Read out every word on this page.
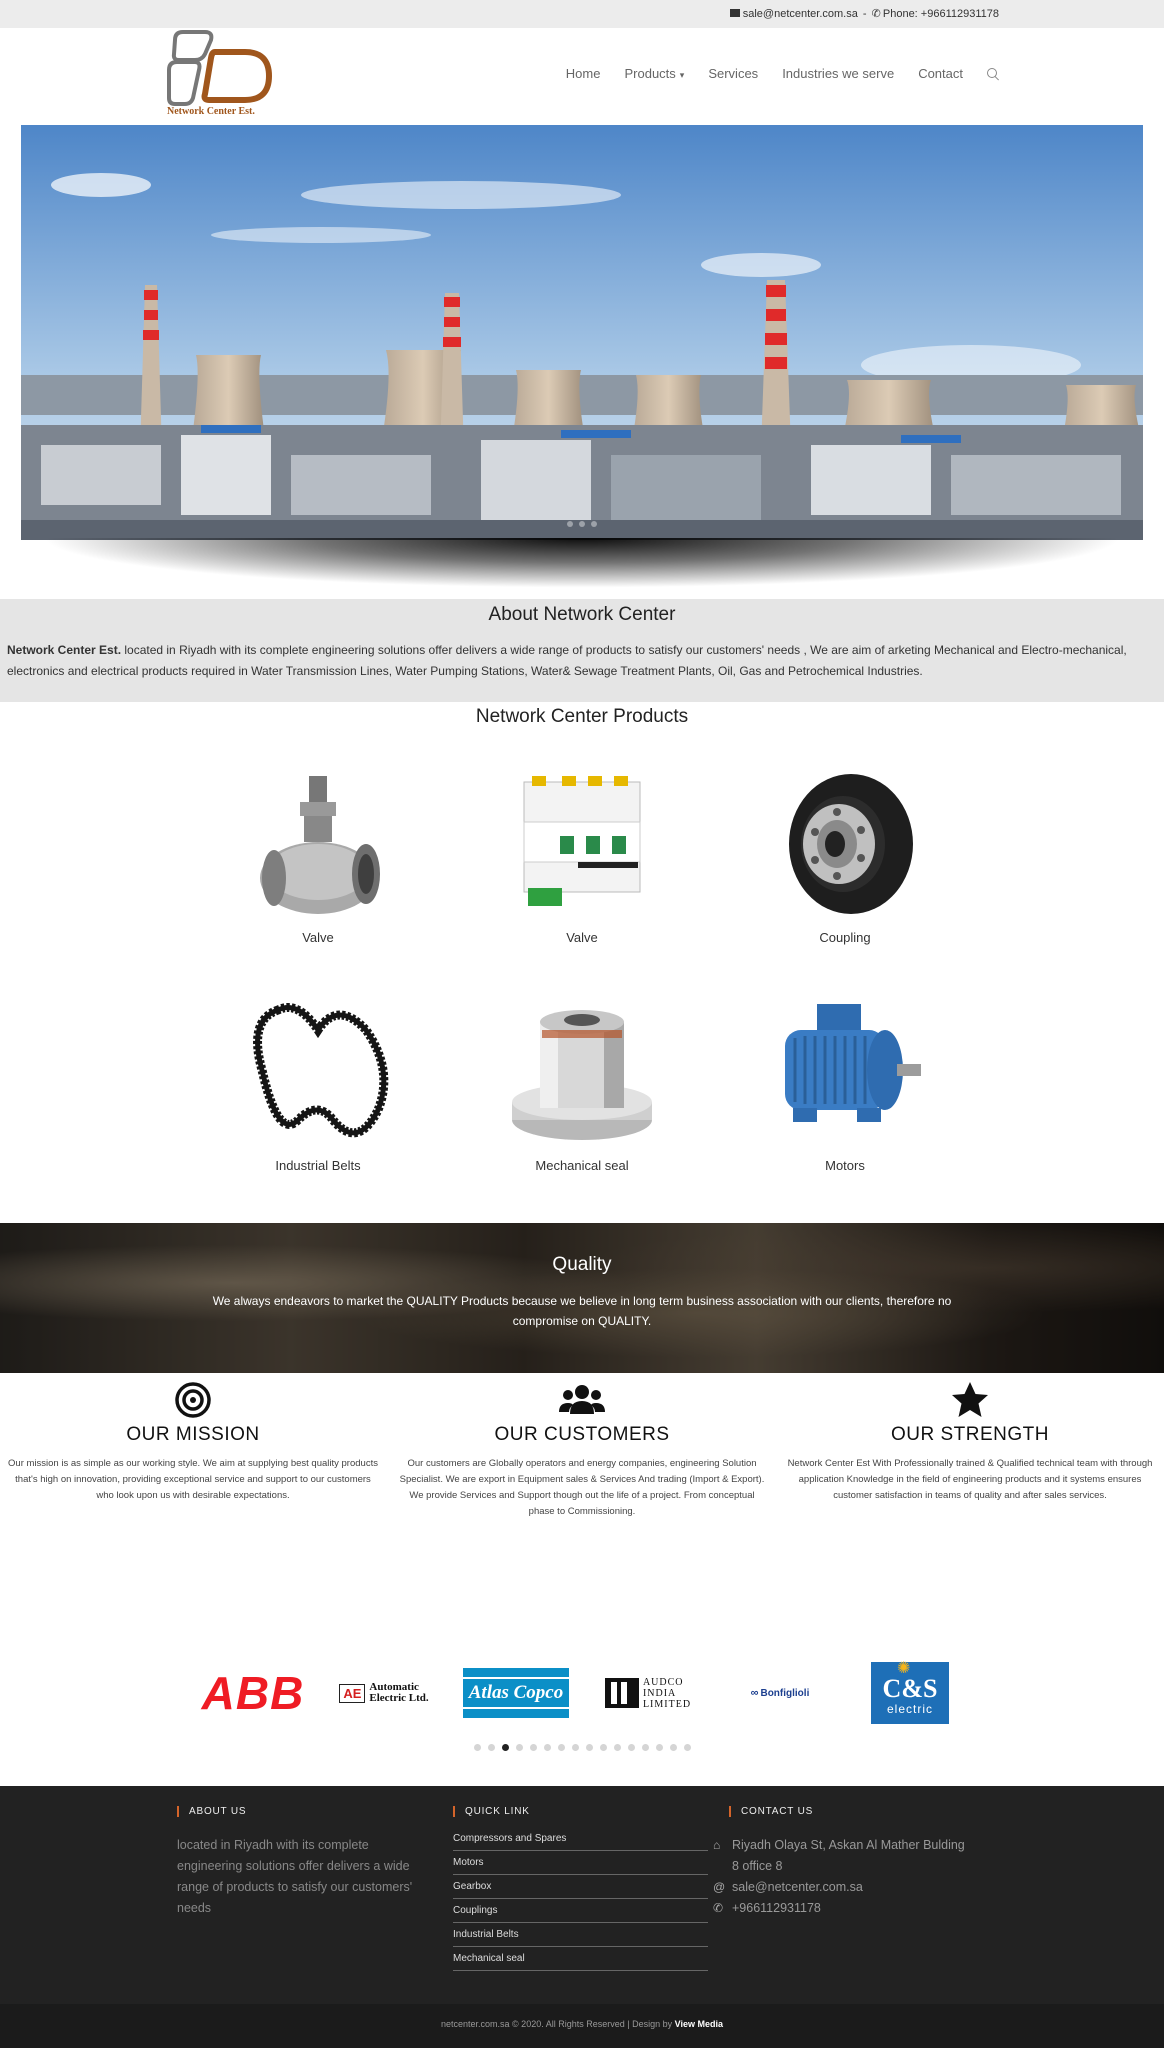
sale@netcenter.com.sa - ✆ Phone: +966112931178
Network Center Est.
Home Products ▾ Services Industries we serve Contact
About Network Center

Network Center Est. located in Riyadh with its complete engineering solutions offer delivers a wide range of products to satisfy our customers' needs , We are aim of arketing Mechanical and Electro-mechanical, electronics and electrical products required in Water Transmission Lines, Water Pumping Stations, Water& Sewage Treatment Plants, Oil, Gas and Petrochemical Industries.

Network Center Products
Valve	Valve	Coupling
Industrial Belts	Mechanical seal	Motors
Quality

We always endeavors to market the QUALITY Products because we believe in long term business association with our clients, therefore no compromise on QUALITY.

OUR MISSION

Our mission is as simple as our working style. We aim at supplying best quality products that's high on innovation, providing exceptional service and support to our customers who look upon us with desirable expectations.

OUR CUSTOMERS

Our customers are Globally operators and energy companies, engineering Solution Specialist. We are export in Equipment sales & Services And trading (Import & Export). We provide Services and Support though out the life of a project. From conceptual phase to Commissioning.

OUR STRENGTH

Network Center Est With Professionally trained & Qualified technical team with through application Knowledge in the field of engineering products and it systems ensures customer satisfaction in teams of quality and after sales services.

ABB	AE Automatic
Electric Ltd. Atlas Copco	AUDCO
INDIA
LIMITED
∞ Bonfiglioli
✺
C&S
electric
ABOUT US
located in Riyadh with its complete engineering solutions offer delivers a wide range of products to satisfy our customers' needs
QUICK LINK
Compressors and Spares
Motors
Gearbox
Couplings
Industrial Belts
Mechanical seal
CONTACT US
⌂ Riyadh Olaya St, Askan Al Mather Bulding 8 office 8
@ sale@netcenter.com.sa
✆ +966112931178
netcenter.com.sa © 2020. All Rights Reserved | Design by View Media
